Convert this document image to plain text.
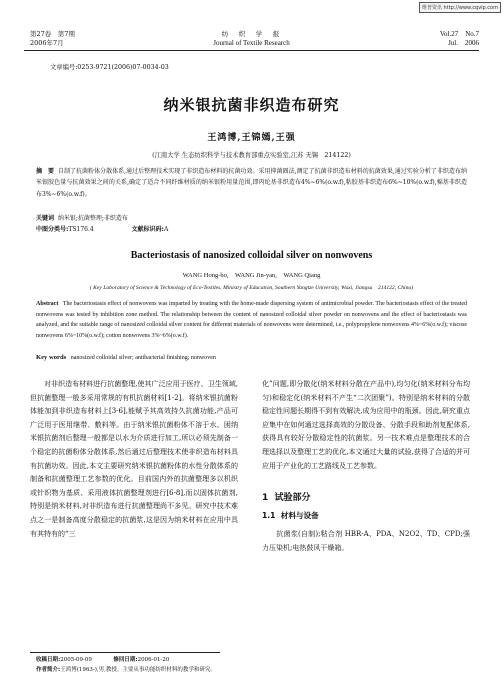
维普资讯 http://www.cqvip.com
第27卷　第7期
2006年7月
纺　织　学　报
Journal of Textile Research
Vol.27　No.7
Jul.　2006
文章编号:0253-9721(2006)07-0034-03
纳米银抗菌非织造布研究
王鸿博,王锦嫣,王强
(江南大学 生态纺织科学与技术教育部重点实验室,江苏 无锡　214122)
摘　要 自制了抗菌粉体分散体系,通过后整理技术实现了非织造布材料的抗菌功效。采用抑菌圈法,测定了抗菌非织造布材料的抗菌效果,通过实验分析了非织造布纳米银胶色量与抗菌效果之间的关系,确定了适合不同纤维材质的纳米银粉用量范围,即丙纶基非织造布4%~6%(o.w.f),粘胶基非织造布6%~10%(o.w.f),棉基非织造布3%~6%(o.w.f)。
关键词 纳米银;抗菌整理;非织造布
中图分类号:TS176.4	文献标识码:A
Bacteriostasis of nanosized colloidal silver on nonwovens
WANG Hong-bo,　WANG Jin-yan,　WANG Qiang
( Key Laboratory of Science & Technology of Eco-Textiles, Ministry of Education, Southern Yangtze University, Wuxi, Jiangsu　214122, China)
Abstract The bacteriostasis effect of nonwovens was imparted by treating with the home-made dispersing system of antimicrobial powder. The bacteriostasis effect of the treated nonwovens was tested by inhibition zone method. The relationship between the content of nanosized colloidal silver powder on nonwovens and the effect of bacteriostasis was analyzed, and the suitable range of nanosized colloidal silver content for different materials of nonwovens were determined, i.e., polypropylene nonwovens 4%~6%(o.w.f); viscose nonwovens 6%~10%(o.w.f); cotton nonwovens 3%~6%(o.w.f).
Key words nanosized colloidal silver; antibacterial finishing; nonwoven
　　对非织造布材料进行抗菌整理,使其广泛应用于医疗、卫生领域,但抗菌整理一般多采用常规的有机抗菌材料[1-2]。将纳米银抗菌粉体能加到非织造布材料上[3-6],能赋予其高效持久抗菌功能,产品可广泛用于医用继带、敷料等。由于纳米银抗菌粉体不溶于水、困纳米银抗菌剂后整理一般都是以水为介质进行加工,所以必须先制备一个稳定的抗菌粉体分散体系,然后通过后整理技术使非织造布材料具有抗菌功效。因此,本文主要研究纳米银抗菌粉体的水性分散体系的制备和抗菌整理工艺参数的优化。目前国内外的抗菌整理多以机织或针织物为基质、采用液体抗菌整理剂进行[6-8],而以固体抗菌剂,特别是纳米材料,对非织造布进行抗菌整理尚不多见。研究中技术难点之一是制备高度分散稳定的抗菌浆,这是因为纳米材料在应用中具有其特有的“三
化”问题,即分散化(纳米材料分散在产品中),均匀化(纳米材料分布均匀)和稳定化(纳米材料不产生“二次团聚”)。特别是纳米材料的分散稳定性问题长期得不到有效解决,成为应用中的瓶颈。因此,研究重点应集中在如何通过选择高效的分散设备、分散手段和助剂复配体系,获得具有较好分散稳定性的抗菌浆。另一技术难点是整理技术的合理选择以及整理工艺的优化,本文通过大量的试验,获得了合适的并可应用于产业化的工艺路线及工艺参数。
1 试验部分
1.1 材料与设备
　　抗菌浆(自制);粘合剂 HBR-A、PDA、N2O2、TD、CPD;强力压染机;电热鼓风干燥箱。
收稿日期:2005-09-09	修回日期:2006-01-20
作者简介:王鸿博(1963-),男,教授。主要从事功能纺织材料的教学和研究。
